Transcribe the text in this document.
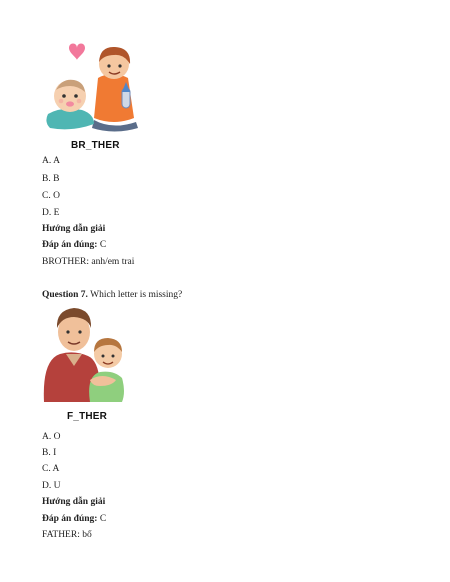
BR_THER
A. A
B. B
C. O
D. E
Hướng dẫn giải
Đáp án đúng: C
BROTHER: anh/em trai
Question 7. Which letter is missing?
F_THER
A. O
B. I
C. A
D. U
Hướng dẫn giải
Đáp án đúng: C
FATHER: bố
